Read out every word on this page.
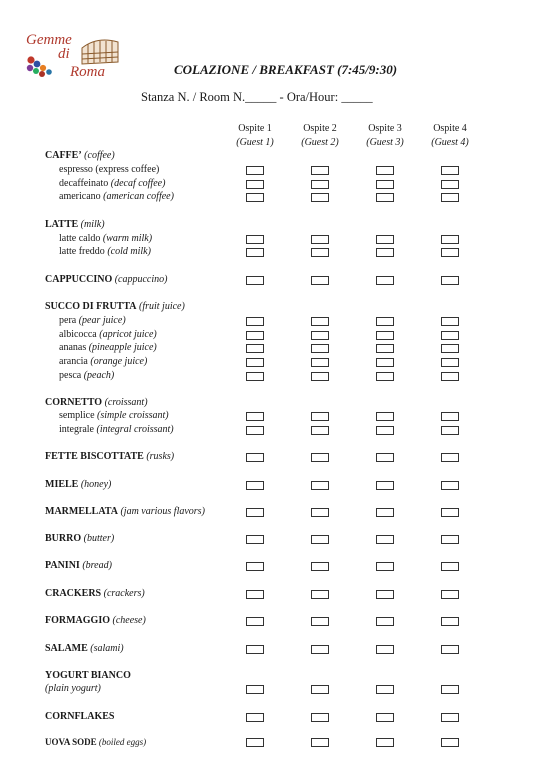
Gemme
di
Roma	COLAZIONE / BREAKFAST (7:45/9:30)
Stanza N. / Room N._____ - Ora/Hour: _____
Ospite 1
(Guest 1)
Ospite 2
(Guest 2)
Ospite 3
(Guest 3)
Ospite 4
(Guest 4)
CAFFE’ (coffee)
espresso (express coffee)
decaffeinato (decaf coffee)
americano (american coffee)
LATTE (milk)
latte caldo (warm milk)
latte freddo (cold milk)
CAPPUCCINO (cappuccino)
SUCCO DI FRUTTA (fruit juice)
pera (pear juice)
albicocca (apricot juice)
ananas (pineapple juice)
arancia (orange juice)
pesca (peach)
CORNETTO (croissant)
semplice (simple croissant)
integrale (integral croissant)
FETTE BISCOTTATE (rusks)
MIELE (honey)
MARMELLATA (jam various flavors)
BURRO (butter)
PANINI (bread)
CRACKERS (crackers)
FORMAGGIO (cheese)
SALAME (salami)
YOGURT BIANCO
(plain yogurt)
CORNFLAKES
UOVA SODE (boiled eggs)
